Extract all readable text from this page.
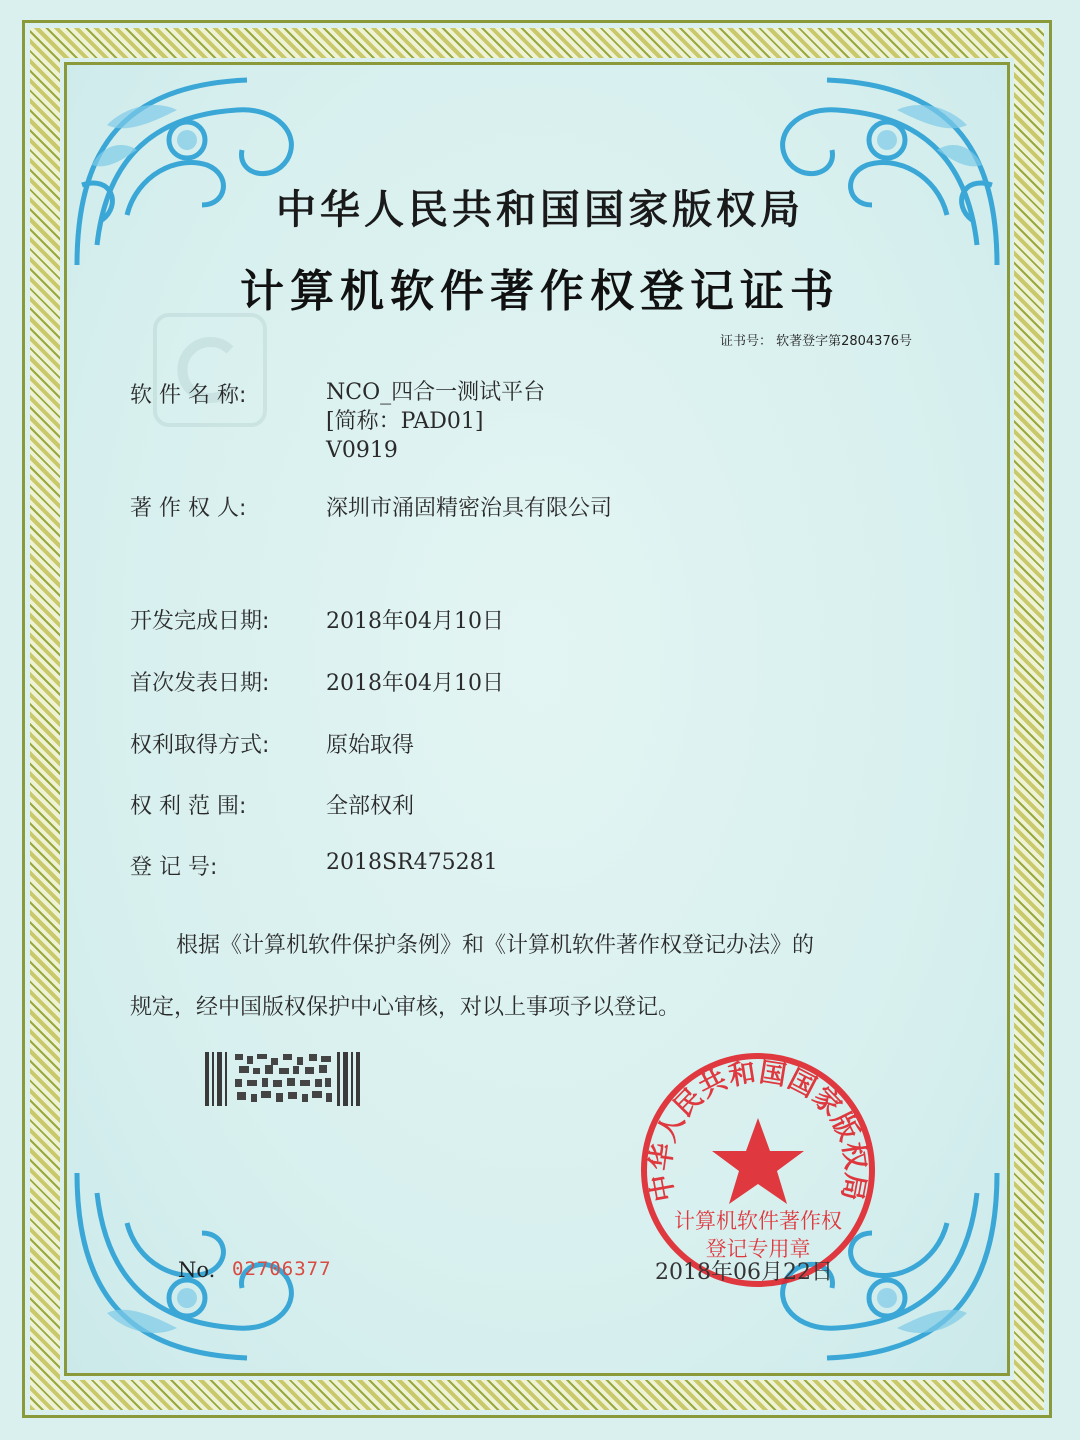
中华人民共和国国家版权局
计算机软件著作权登记证书
证书号： 软著登字第2804376号
软 件 名 称:	NCO_四合一测试平台
[简称：PAD01]
V0919
著 作 权 人:	深圳市涌固精密治具有限公司
开发完成日期:	2018年04月10日
首次发表日期:	2018年04月10日
权利取得方式:	原始取得
权 利 范 围:	全部权利
登 记 号:	2018SR475281
根据《计算机软件保护条例》和《计算机软件著作权登记办法》的
规定，经中国版权保护中心审核，对以上事项予以登记。
中华人民共和国国家版权局
计算机软件著作权
登记专用章
No. 02706377	2018年06月22日
